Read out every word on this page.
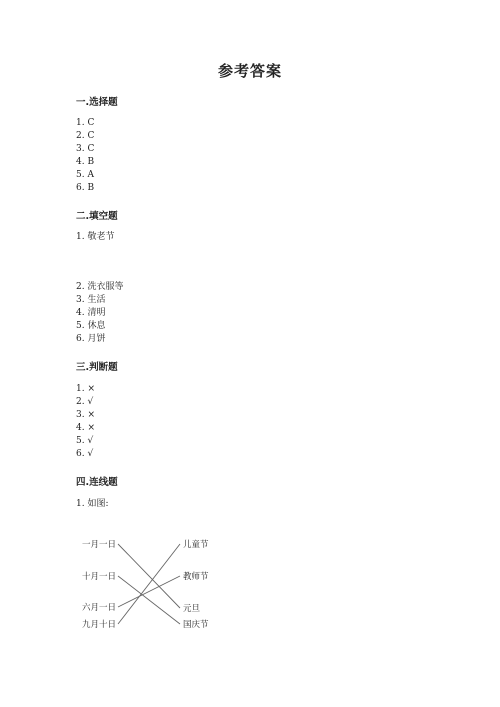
参考答案
一.选择题
1. C
2. C
3. C
4. B
5. A
6. B
二.填空题
1. 敬老节
2. 洗衣服等
3. 生活
4. 清明
5. 休息
6. 月饼
三.判断题
1. ×
2. √
3. ×
4. ×
5. √
6. √
四.连线题
1. 如图:
一月一日
十月一日
六月一日
九月十日
儿童节
教师节
元旦
国庆节
